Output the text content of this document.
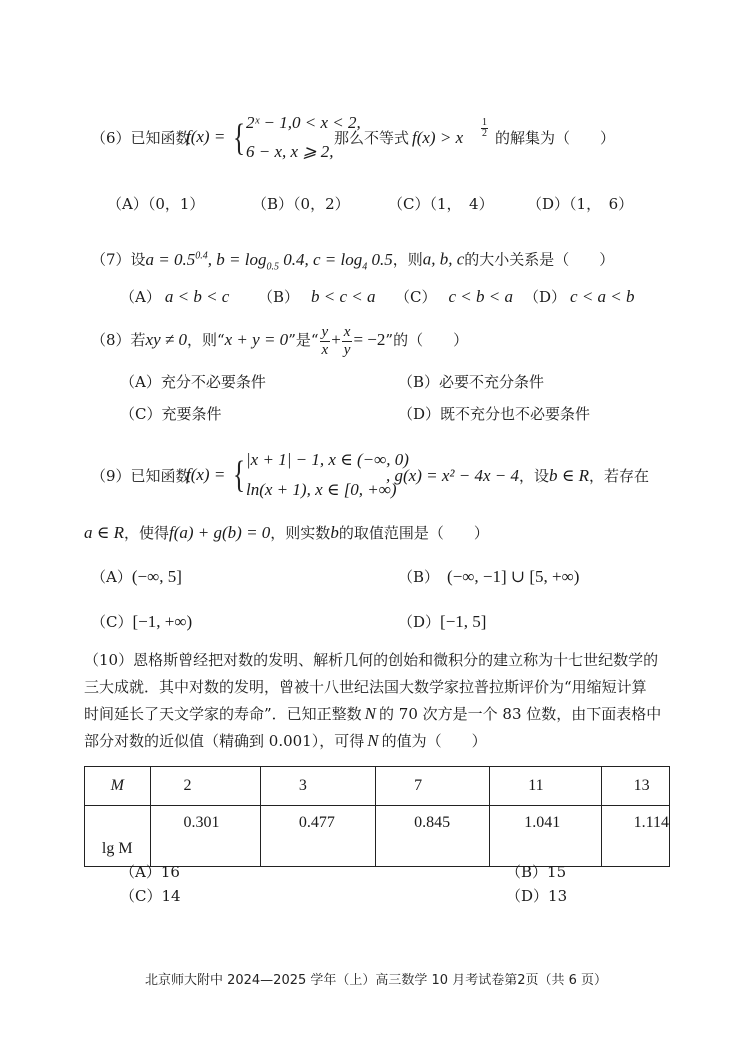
（6）已知函数
f(x) = { 2ˣ − 1,0 < x < 2,
6 − x, x ⩾ 2,
那么不等式 f(x) > x
1
2 的解集为（　　）
（A）（0，1）	（B）（0，2）	（C）（1，　4） （D）（1，　6）
（7）设$a = 0.5^{0.4}$, $b = \log_{0.5} 0.4$, $c = \log_4 0.5$，则a, b, c的大小关系是（　　）
（A） a < b < c （B） b < c < a （C） c < b < a （D） c < a < b
（8）若xy ≠ 0，则“x + y = 0”是“ $\frac{y}{x} + \frac{x}{y} = -2$”的（　　）
（A）充分不必要条件	（B）必要不充分条件
（C）充要条件	（D）既不充分也不必要条件
（9）已知函数
f(x) = { |x + 1| − 1, x ∈ (−∞, 0)
ln(x + 1), x ∈ [0, +∞)
, g(x) = x² − 4x − 4，设b ∈ R，若存在
a ∈ R，使得f(a) + g(b) = 0，则实数b的取值范围是（　　）
（A）(−∞, 5]	（B） (−∞, −1] ∪ [5, +∞)
（C）[−1, +∞)	（D）[−1, 5]
（10）恩格斯曾经把对数的发明、解析几何的创始和微积分的建立称为十七世纪数学的
三大成就．其中对数的发明，曾被十八世纪法国大数学家拉普拉斯评价为“用缩短计算
时间延长了天文学家的寿命”．已知正整数 N 的 70 次方是一个 83 位数，由下面表格中
部分对数的近似值（精确到 0.001），可得 N 的值为（　　）
M	2	3	7	11	13
lg M	0.301	0.477	0.845	1.041	1.114
（A）16	（B）15
（C）14	（D）13
北京师大附中 2024—2025 学年（上）高三数学 10 月考试卷第2页（共 6 页）
